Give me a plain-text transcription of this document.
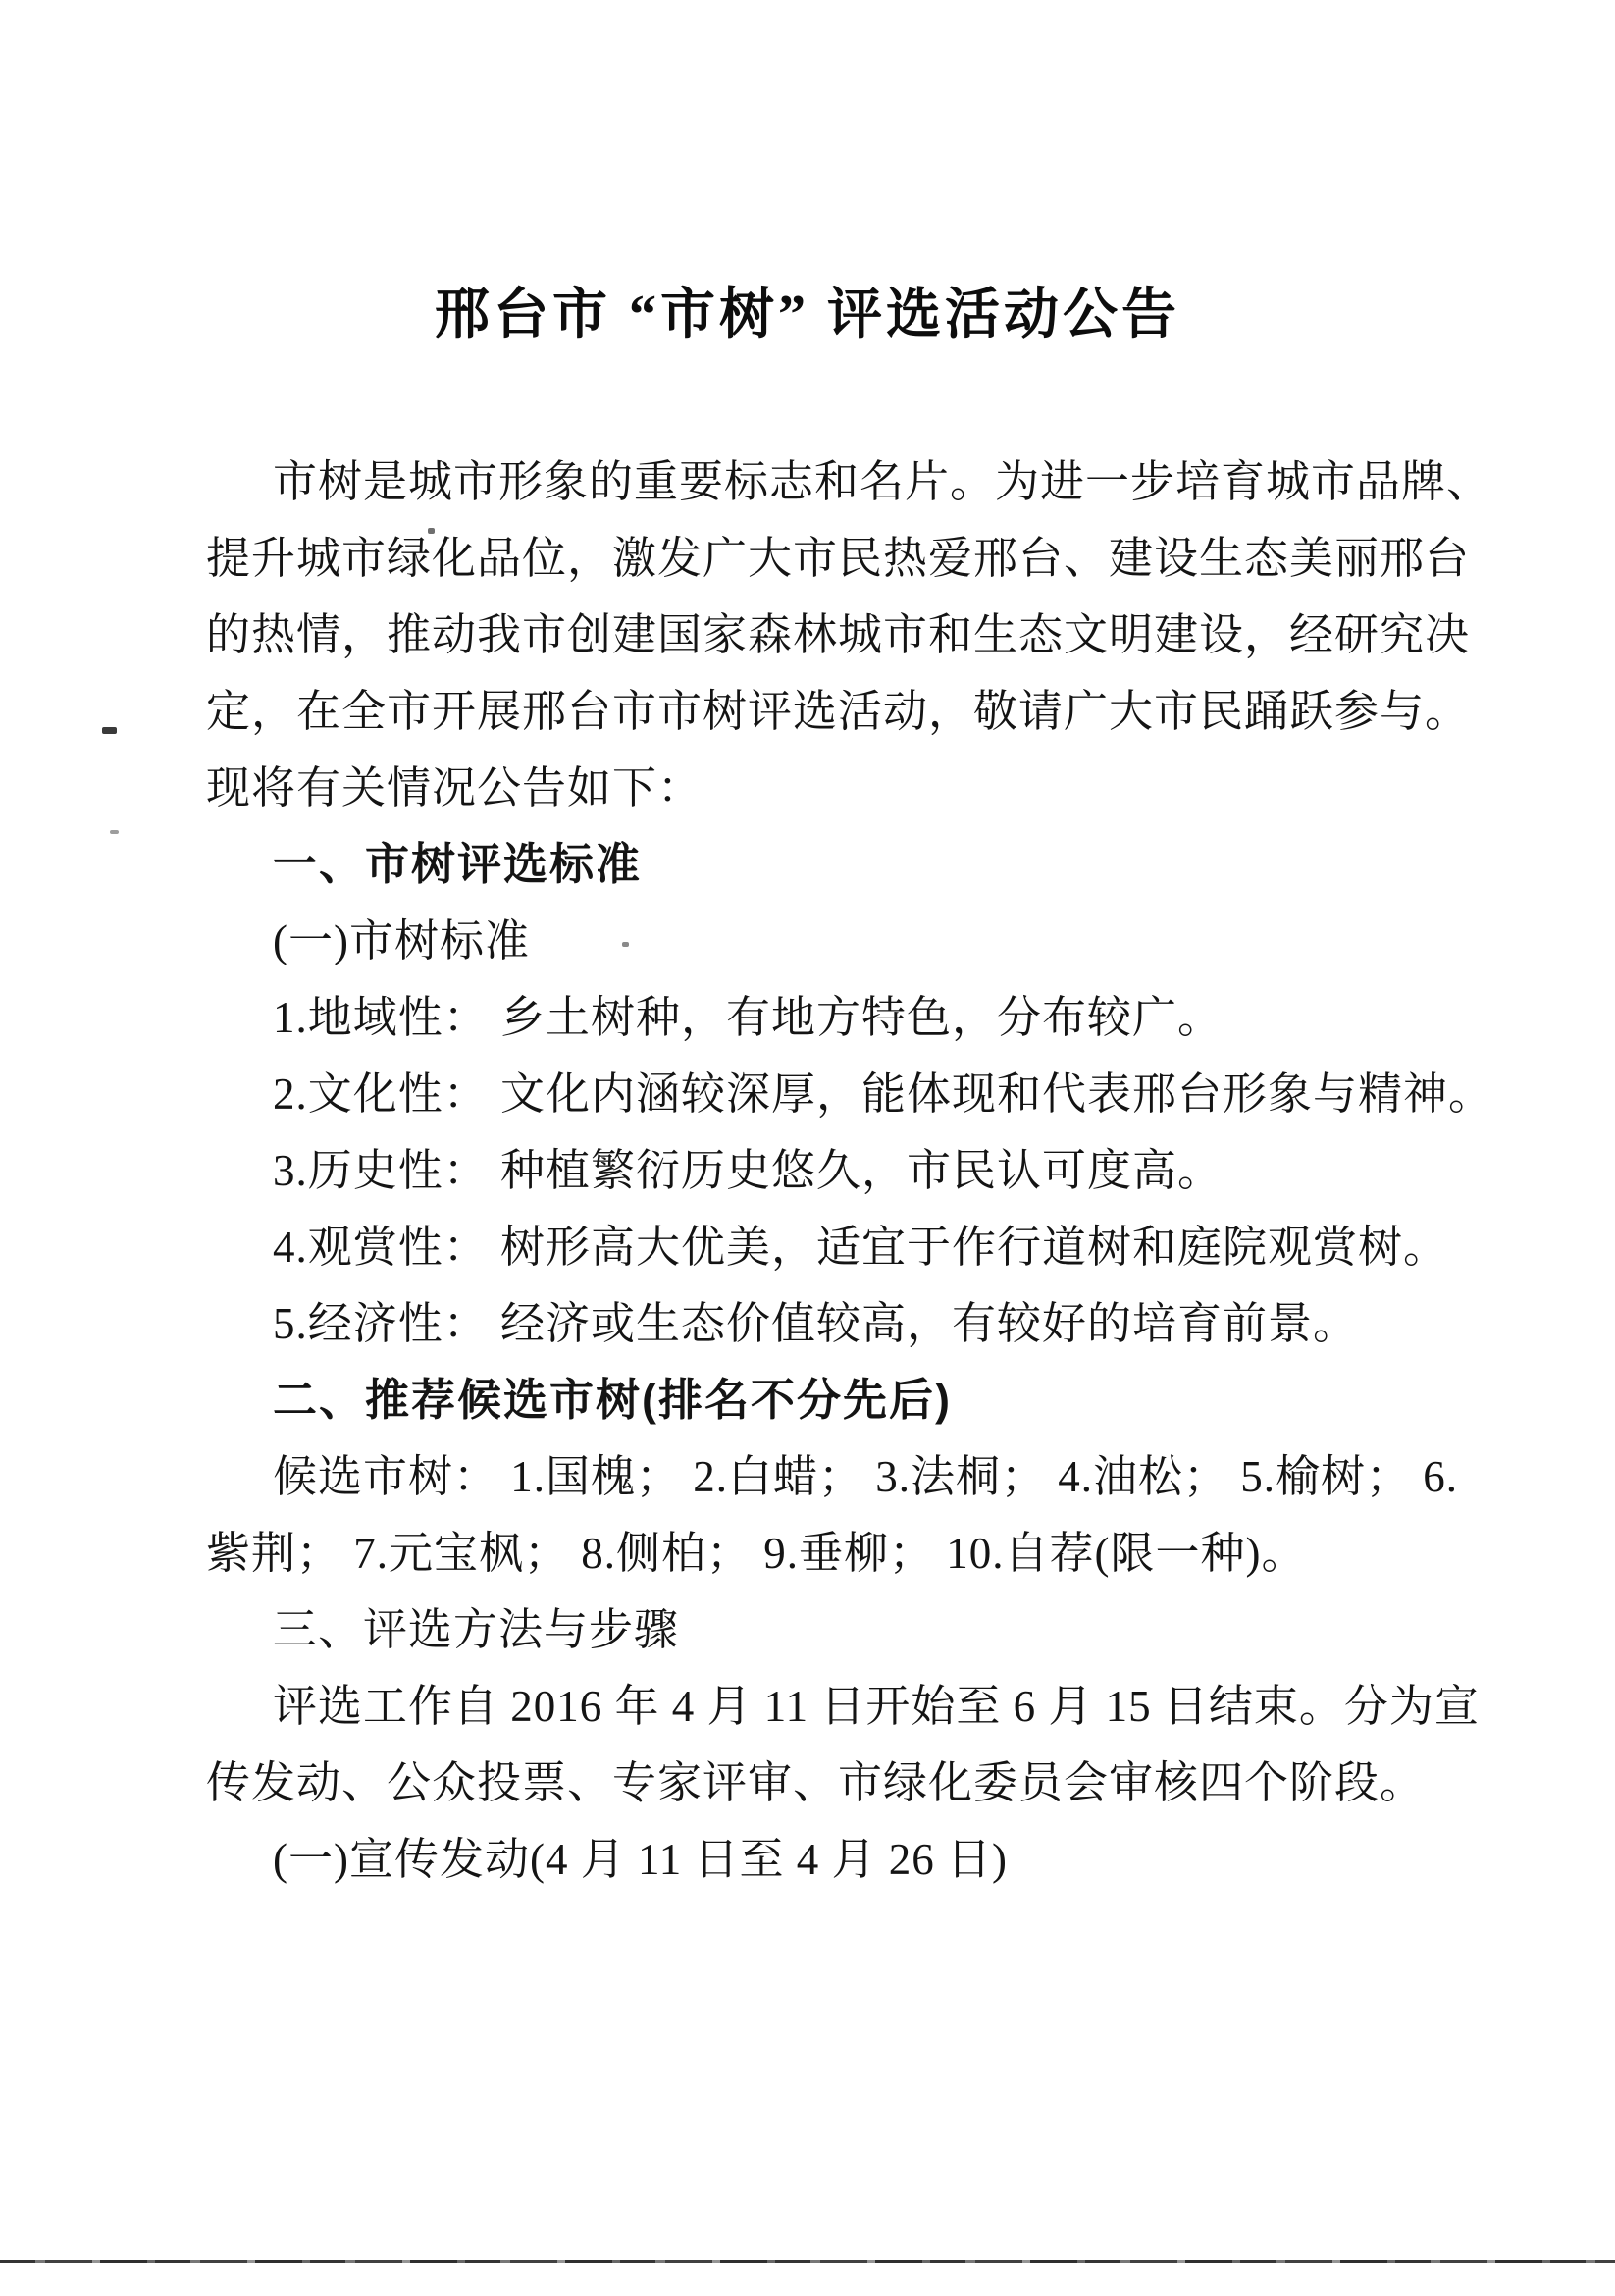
邢台市 “市树” 评选活动公告
市树是城市形象的重要标志和名片。为进一步培育城市品牌、
提升城市绿化品位，激发广大市民热爱邢台、建设生态美丽邢台
的热情，推动我市创建国家森林城市和生态文明建设，经研究决
定，在全市开展邢台市市树评选活动，敬请广大市民踊跃参与。
现将有关情况公告如下：
一、市树评选标准
(一)市树标准
1.地域性： 乡土树种，有地方特色，分布较广。
2.文化性： 文化内涵较深厚，能体现和代表邢台形象与精神。
3.历史性： 种植繁衍历史悠久，市民认可度高。
4.观赏性： 树形高大优美，适宜于作行道树和庭院观赏树。
5.经济性： 经济或生态价值较高，有较好的培育前景。
二、推荐候选市树(排名不分先后)
候选市树： 1.国槐； 2.白蜡； 3.法桐； 4.油松； 5.榆树； 6.
紫荆； 7.元宝枫； 8.侧柏； 9.垂柳； 10.自荐(限一种)。
三、评选方法与步骤
评选工作自 2016 年 4 月 11 日开始至 6 月 15 日结束。分为宣
传发动、公众投票、专家评审、市绿化委员会审核四个阶段。
(一)宣传发动(4 月 11 日至 4 月 26 日)
